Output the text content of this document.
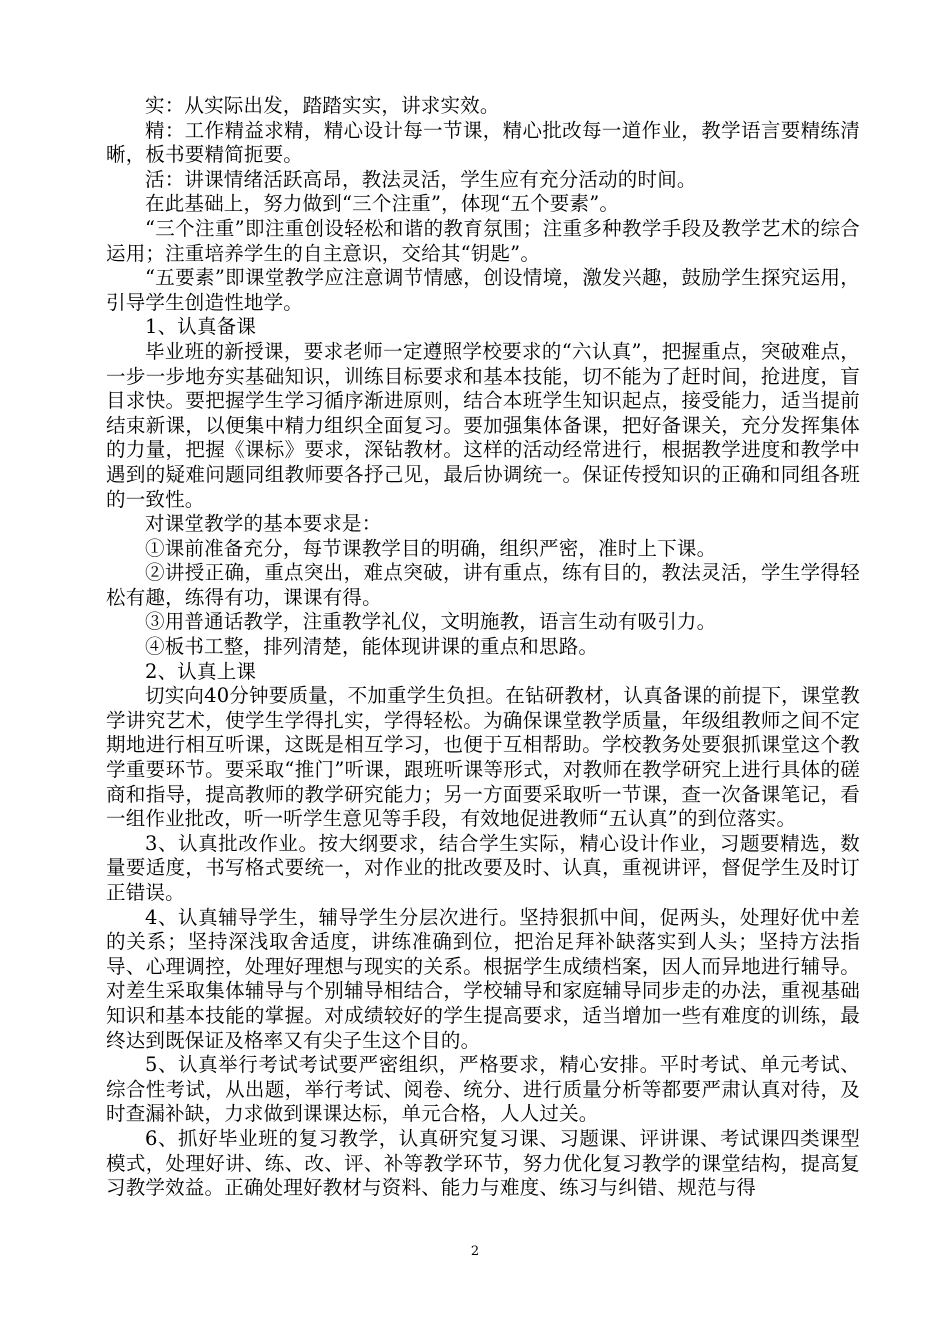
实：从实际出发，踏踏实实，讲求实效。

精：工作精益求精，精心设计每一节课，精心批改每一道作业，教学语言要精练清晰，板书要精简扼要。

活：讲课情绪活跃高昂，教法灵活，学生应有充分活动的时间。

在此基础上，努力做到“三个注重”，体现“五个要素”。

“三个注重”即注重创设轻松和谐的教育氛围；注重多种教学手段及教学艺术的综合运用；注重培养学生的自主意识，交给其“钥匙”。

“五要素”即课堂教学应注意调节情感，创设情境，激发兴趣，鼓励学生探究运用，引导学生创造性地学。

1、认真备课

毕业班的新授课，要求老师一定遵照学校要求的“六认真”，把握重点，突破难点，一步一步地夯实基础知识，训练目标要求和基本技能，切不能为了赶时间，抢进度，盲目求快。要把握学生学习循序渐进原则，结合本班学生知识起点，接受能力，适当提前结束新课，以便集中精力组织全面复习。要加强集体备课，把好备课关，充分发挥集体的力量，把握《课标》要求，深钻教材。这样的活动经常进行，根据教学进度和教学中遇到的疑难问题同组教师要各抒己见，最后协调统一。保证传授知识的正确和同组各班的一致性。

对课堂教学的基本要求是：

①课前准备充分，每节课教学目的明确，组织严密，准时上下课。

②讲授正确，重点突出，难点突破，讲有重点，练有目的，教法灵活，学生学得轻松有趣，练得有功，课课有得。

③用普通话教学，注重教学礼仪，文明施教，语言生动有吸引力。

④板书工整，排列清楚，能体现讲课的重点和思路。

2、认真上课

切实向40分钟要质量，不加重学生负担。在钻研教材，认真备课的前提下，课堂教学讲究艺术，使学生学得扎实，学得轻松。为确保课堂教学质量，年级组教师之间不定期地进行相互听课，这既是相互学习，也便于互相帮助。学校教务处要狠抓课堂这个教学重要环节。要采取“推门”听课，跟班听课等形式，对教师在教学研究上进行具体的磋商和指导，提高教师的教学研究能力；另一方面要采取听一节课，查一次备课笔记，看一组作业批改，听一听学生意见等手段，有效地促进教师“五认真”的到位落实。

3、认真批改作业。按大纲要求，结合学生实际，精心设计作业，习题要精选，数量要适度，书写格式要统一，对作业的批改要及时、认真，重视讲评，督促学生及时订正错误。

4、认真辅导学生，辅导学生分层次进行。坚持狠抓中间，促两头，处理好优中差的关系；坚持深浅取舍适度，讲练准确到位，把治足拜补缺落实到人头；坚持方法指导、心理调控，处理好理想与现实的关系。根据学生成绩档案，因人而异地进行辅导。对差生采取集体辅导与个别辅导相结合，学校辅导和家庭辅导同步走的办法，重视基础知识和基本技能的掌握。对成绩较好的学生提高要求，适当增加一些有难度的训练，最终达到既保证及格率又有尖子生这个目的。

5、认真举行考试考试要严密组织，严格要求，精心安排。平时考试、单元考试、综合性考试，从出题，举行考试、阅卷、统分、进行质量分析等都要严肃认真对待，及时查漏补缺，力求做到课课达标，单元合格，人人过关。

6、抓好毕业班的复习教学，认真研究复习课、习题课、评讲课、考试课四类课型模式，处理好讲、练、改、评、补等教学环节，努力优化复习教学的课堂结构，提高复习教学效益。正确处理好教材与资料、能力与难度、练习与纠错、规范与得

2
